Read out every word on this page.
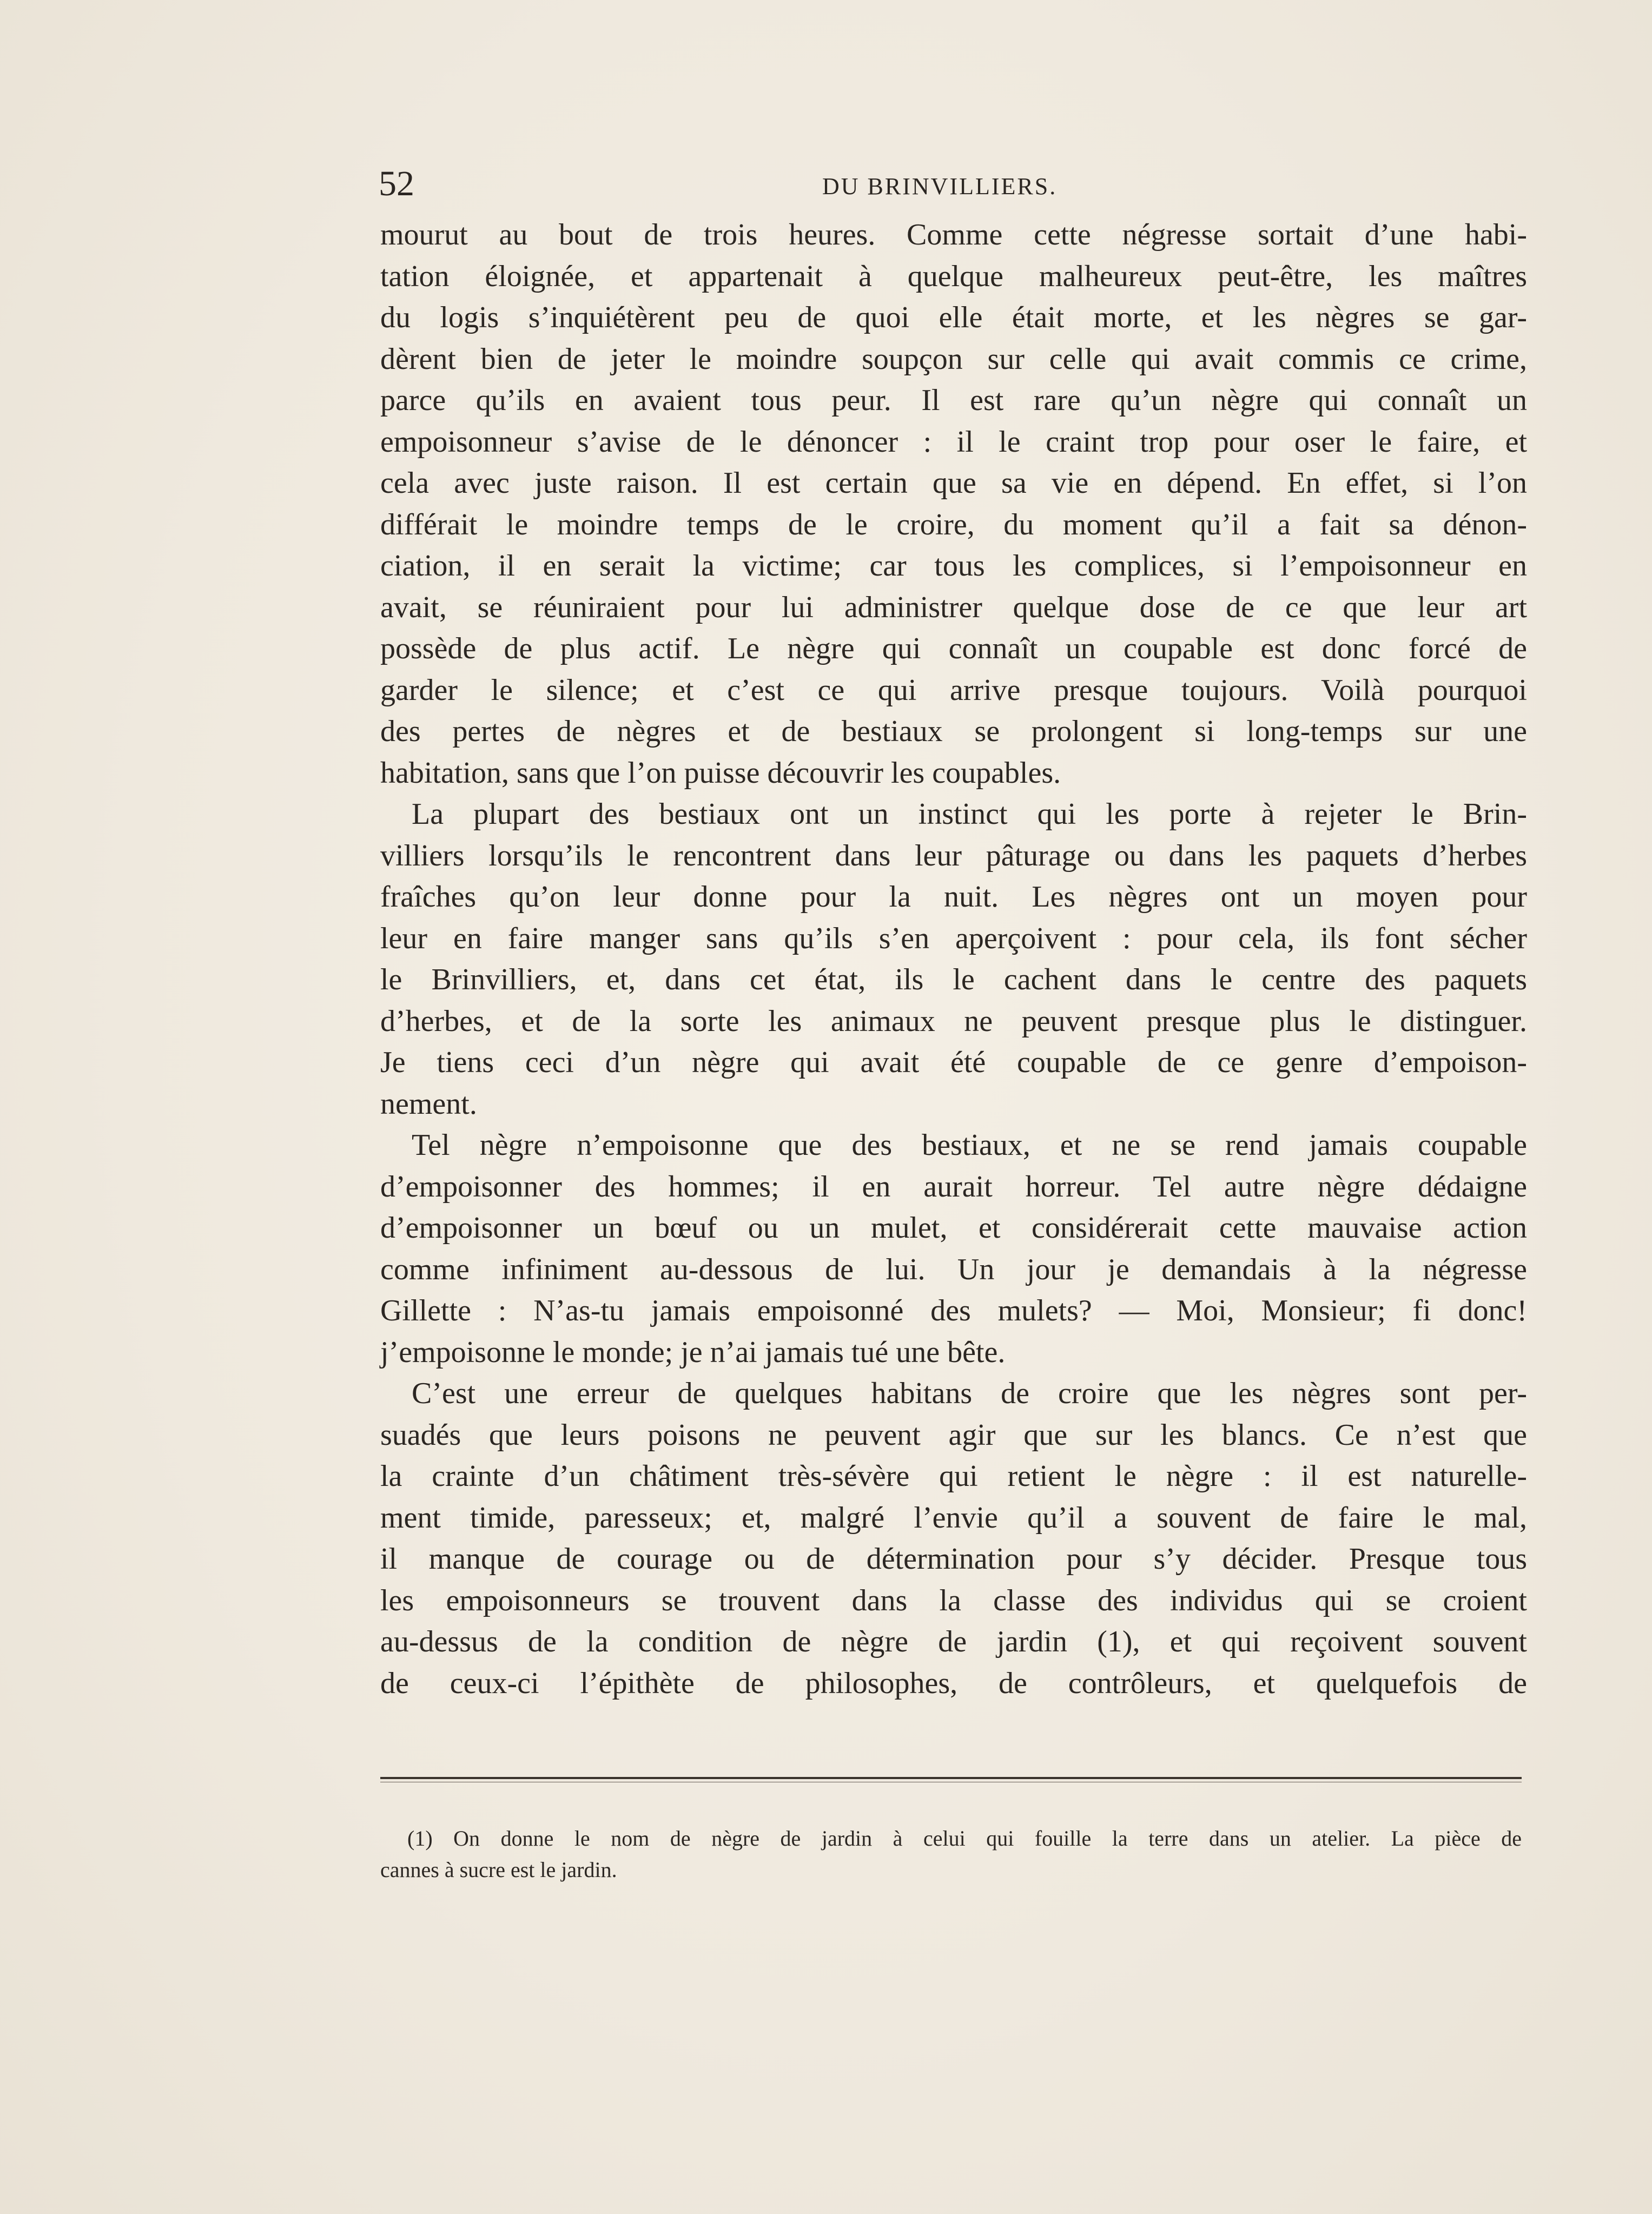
52	DU BRINVILLIERS.
mourut au bout de trois heures. Comme cette négresse sortait d’une habi-
tation éloignée, et appartenait à quelque malheureux peut-être, les maîtres
du logis s’inquiétèrent peu de quoi elle était morte, et les nègres se gar-
dèrent bien de jeter le moindre soupçon sur celle qui avait commis ce crime,
parce qu’ils en avaient tous peur. Il est rare qu’un nègre qui connaît un
empoisonneur s’avise de le dénoncer : il le craint trop pour oser le faire, et
cela avec juste raison. Il est certain que sa vie en dépend. En effet, si l’on
différait le moindre temps de le croire, du moment qu’il a fait sa dénon-
ciation, il en serait la victime; car tous les complices, si l’empoisonneur en
avait, se réuniraient pour lui administrer quelque dose de ce que leur art
possède de plus actif. Le nègre qui connaît un coupable est donc forcé de
garder le silence; et c’est ce qui arrive presque toujours. Voilà pourquoi
des pertes de nègres et de bestiaux se prolongent si long-temps sur une
habitation, sans que l’on puisse découvrir les coupables.
La plupart des bestiaux ont un instinct qui les porte à rejeter le Brin-
villiers lorsqu’ils le rencontrent dans leur pâturage ou dans les paquets d’herbes
fraîches qu’on leur donne pour la nuit. Les nègres ont un moyen pour
leur en faire manger sans qu’ils s’en aperçoivent : pour cela, ils font sécher
le Brinvilliers, et, dans cet état, ils le cachent dans le centre des paquets
d’herbes, et de la sorte les animaux ne peuvent presque plus le distinguer.
Je tiens ceci d’un nègre qui avait été coupable de ce genre d’empoison-
nement.
Tel nègre n’empoisonne que des bestiaux, et ne se rend jamais coupable
d’empoisonner des hommes; il en aurait horreur. Tel autre nègre dédaigne
d’empoisonner un bœuf ou un mulet, et considérerait cette mauvaise action
comme infiniment au-dessous de lui. Un jour je demandais à la négresse
Gillette : N’as-tu jamais empoisonné des mulets? — Moi, Monsieur; fi donc!
j’empoisonne le monde; je n’ai jamais tué une bête.
C’est une erreur de quelques habitans de croire que les nègres sont per-
suadés que leurs poisons ne peuvent agir que sur les blancs. Ce n’est que
la crainte d’un châtiment très-sévère qui retient le nègre : il est naturelle-
ment timide, paresseux; et, malgré l’envie qu’il a souvent de faire le mal,
il manque de courage ou de détermination pour s’y décider. Presque tous
les empoisonneurs se trouvent dans la classe des individus qui se croient
au-dessus de la condition de nègre de jardin (1), et qui reçoivent souvent
de ceux-ci l’épithète de philosophes, de contrôleurs, et quelquefois de
(1) On donne le nom de nègre de jardin à celui qui fouille la terre dans un atelier. La pièce de
cannes à sucre est le jardin.
